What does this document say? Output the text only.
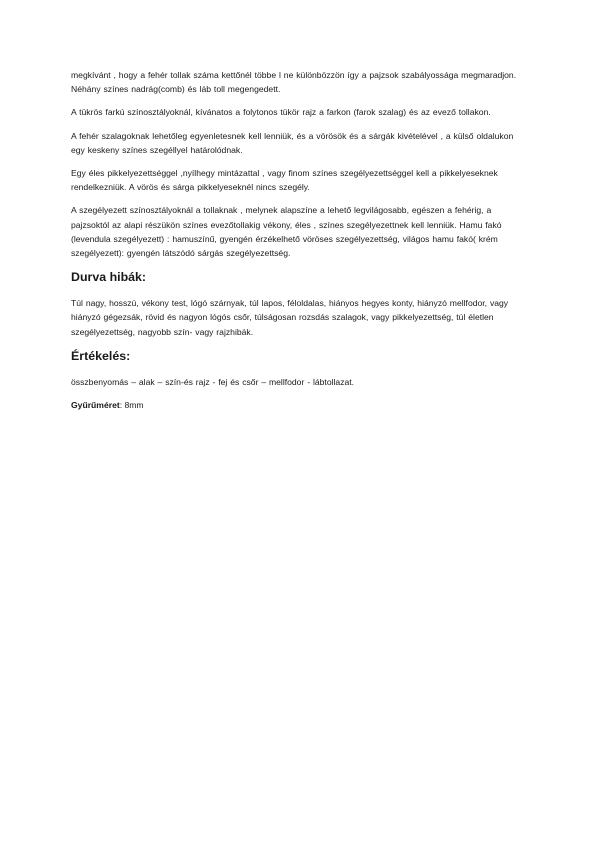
megkívánt , hogy a fehér tollak száma kettőnél többe l ne különbözzön így a pajzsok szabályossága megmaradjon. Néhány színes nadrág(comb) és láb toll megengedett.

A tükrös farkú színosztályoknál, kívánatos a folytonos tükör rajz a farkon (farok szalag) és az evező tollakon.

A fehér szalagoknak lehetőleg egyenletesnek kell lenniük, és a vörösök és a sárgák kivételével , a külső oldalukon egy keskeny színes szegéllyel határolódnak.

Egy éles pikkelyezettséggel ,nyílhegy mintázattal , vagy finom színes szegélyezettséggel kell a pikkelyeseknek rendelkezniük. A vörös és sárga pikkelyeseknél nincs szegély.

A szegélyezett színosztályoknál a tollaknak , melynek alapszíne a lehető legvilágosabb, egészen a fehérig, a pajzsoktól az alapi részükön színes evezőtollakig vékony, éles , színes szegélyezettnek kell lenniük. Hamu fakó (levendula szegélyezett) : hamuszínű, gyengén érzékelhető vöröses szegélyezettség, világos hamu fakó( krém szegélyezett): gyengén látszódó sárgás szegélyezettség.

Durva hibák:

Túl nagy, hosszú, vékony test, lógó szárnyak, túl lapos, féloldalas, hiányos hegyes konty, hiányzó mellfodor, vagy hiányzó gégezsák, rövid és nagyon lógós csőr, túlságosan rozsdás szalagok, vagy pikkelyezettség, túl életlen szegélyezettség, nagyobb szín- vagy rajzhibák.

Értékelés:

összbenyomás – alak – szín-és rajz - fej és csőr – mellfodor - lábtollazat.

Gyűrűméret: 8mm
